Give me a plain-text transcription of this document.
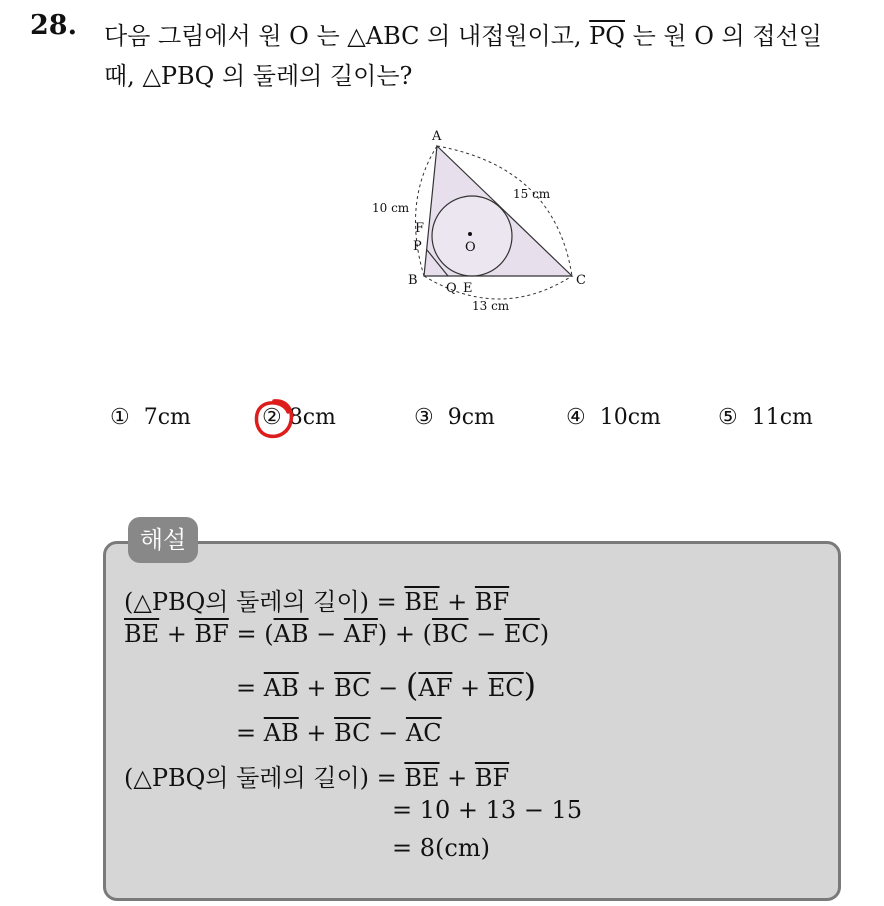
28. 다음 그림에서 원 O 는 △ABC 의 내접원이고, $\overline{PQ}$ 는 원 O 의 접선일
때, △PBQ 의 둘레의 길이는?
A
B	C
O
F
P
Q E
10 cm
15 cm
13 cm
① 7cm	② 8cm	③ 9cm	④ 10cm	⑤ 11cm
해설
(△PBQ의 둘레의 길이) = $\overline{BE} + \overline{BF}$
$\overline{BE} + \overline{BF} = (\overline{AB} - \overline{AF}) + (\overline{BC} - \overline{EC})$
= $\overline{AB} + \overline{BC} - (\overline{AF} + \overline{EC})$
= $\overline{AB} + \overline{BC} - \overline{AC}$
(△PBQ의 둘레의 길이) = $\overline{BE} + \overline{BF}$
= 10 + 13 − 15
= 8(cm)
